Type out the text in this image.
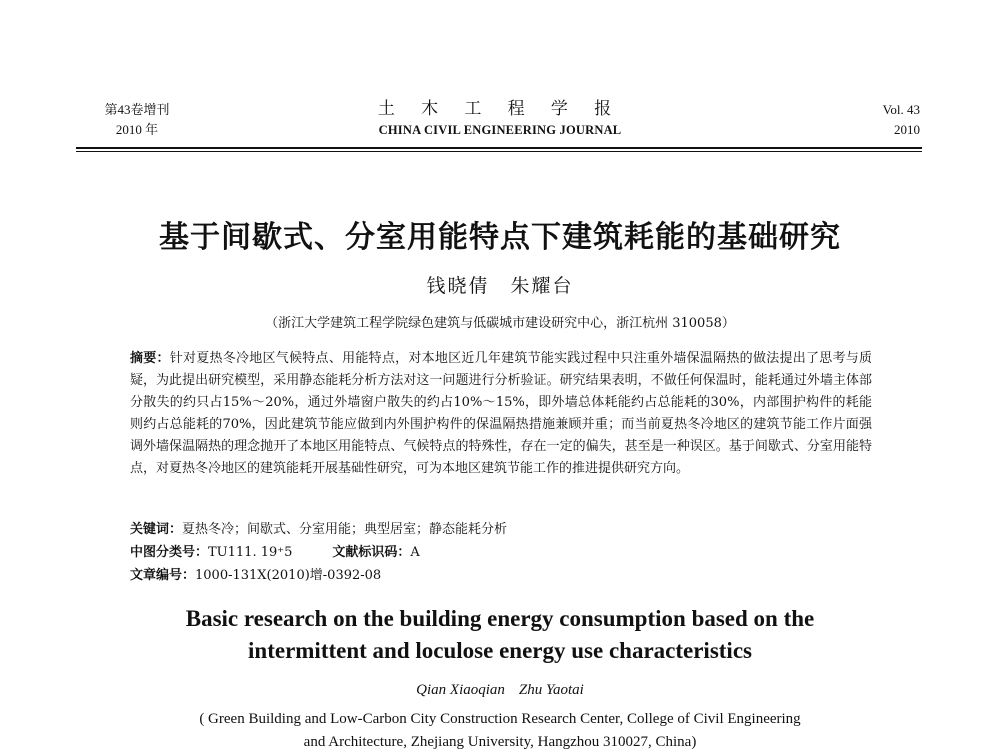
第43卷增刊
2010 年
土 木 工 程 学 报
CHINA CIVIL ENGINEERING JOURNAL
Vol. 43
2010
基于间歇式、分室用能特点下建筑耗能的基础研究
钱晓倩　朱耀台
（浙江大学建筑工程学院绿色建筑与低碳城市建设研究中心，浙江杭州 310058）
摘要：针对夏热冬冷地区气候特点、用能特点，对本地区近几年建筑节能实践过程中只注重外墙保温隔热的做法提出了思考与质疑，为此提出研究模型，采用静态能耗分析方法对这一问题进行分析验证。研究结果表明，不做任何保温时，能耗通过外墙主体部分散失的约只占15%～20%，通过外墙窗户散失的约占10%～15%，即外墙总体耗能约占总能耗的30%，内部围护构件的耗能则约占总能耗的70%，因此建筑节能应做到内外围护构件的保温隔热措施兼顾并重；而当前夏热冬冷地区的建筑节能工作片面强调外墙保温隔热的理念抛开了本地区用能特点、气候特点的特殊性，存在一定的偏失，甚至是一种误区。基于间歇式、分室用能特点，对夏热冬冷地区的建筑能耗开展基础性研究，可为本地区建筑节能工作的推进提供研究方向。
关键词：夏热冬冷；间歇式、分室用能；典型居室；静态能耗分析
中图分类号：TU111. 19⁺5	文献标识码：A
文章编号：1000-131X(2010)增-0392-08
Basic research on the building energy consumption based on the
intermittent and loculose energy use characteristics
Qian Xiaoqian Zhu Yaotai
( Green Building and Low-Carbon City Construction Research Center, College of Civil Engineering
and Architecture, Zhejiang University, Hangzhou 310027, China)
